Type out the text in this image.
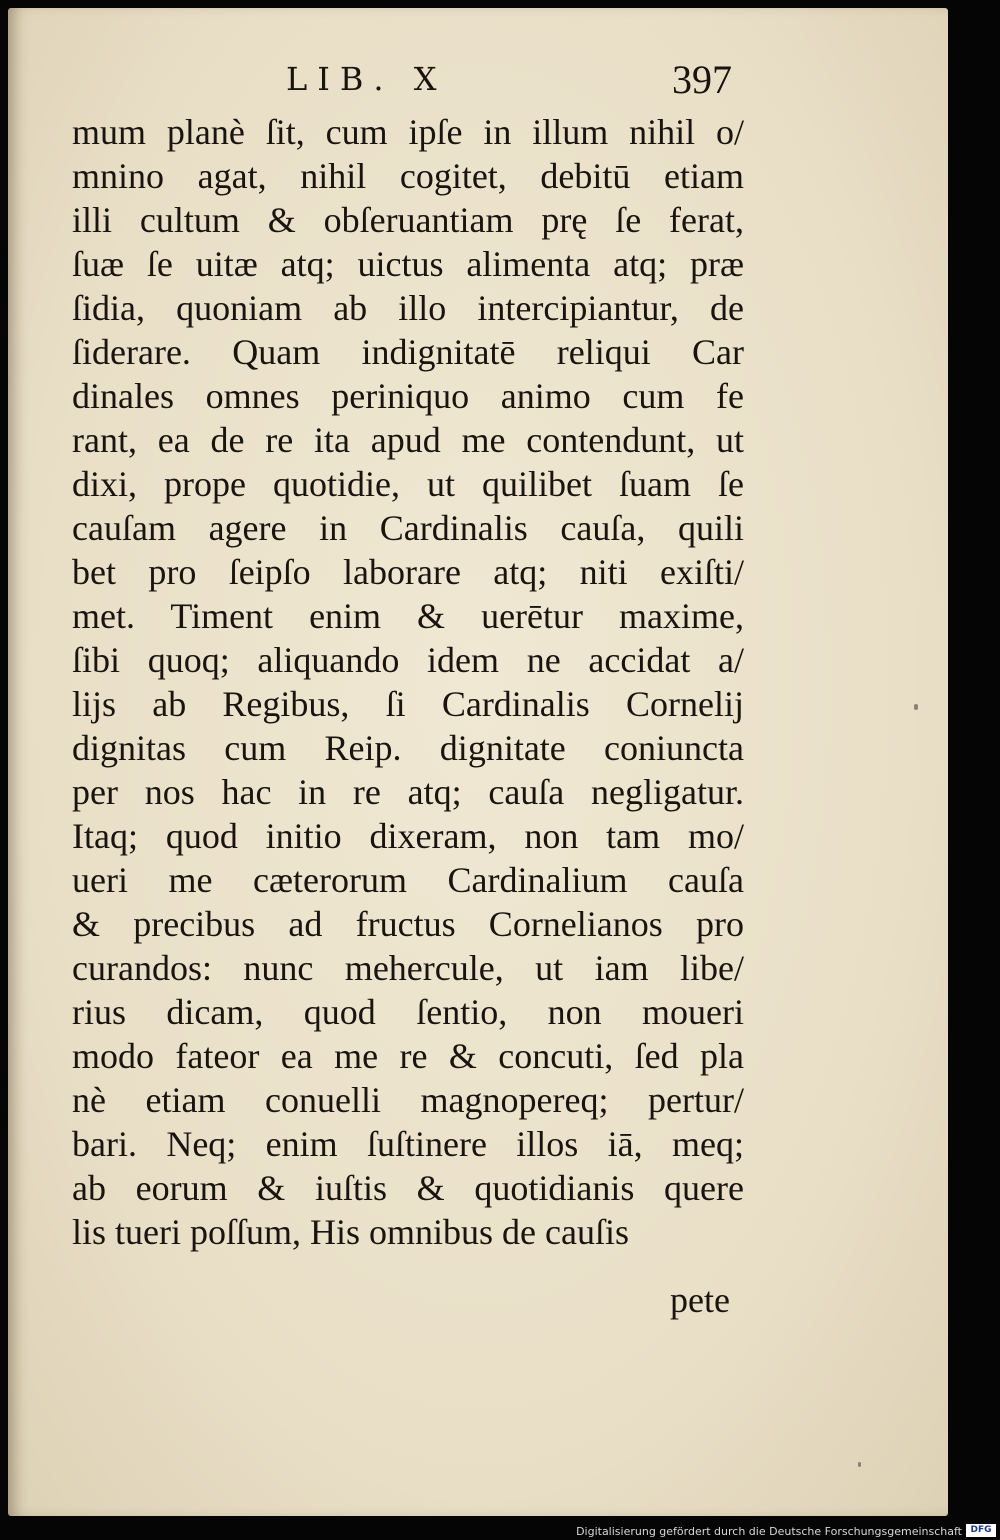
LIB. X	397
mum planè ſit, cum ipſe in illum nihil o/
mnino agat, nihil cogitet, debitū etiam
illi cultum & obſeruantiam prę ſe ferat,
ſuæ ſe uitæ atq; uictus alimenta atq; præ
ſidia, quoniam ab illo intercipiantur, de
ſiderare. Quam indignitatē reliqui Car
dinales omnes periniquo animo cum fe
rant, ea de re ita apud me contendunt, ut
dixi, prope quotidie, ut quilibet ſuam ſe
cauſam agere in Cardinalis cauſa, quili
bet pro ſeipſo laborare atq; niti exiſti/
met. Timent enim & uerētur maxime,
ſibi quoq; aliquando idem ne accidat a/
lijs ab Regibus, ſi Cardinalis Cornelij
dignitas cum Reip. dignitate coniuncta
per nos hac in re atq; cauſa negligatur.
Itaq; quod initio dixeram, non tam mo/
ueri me cæterorum Cardinalium cauſa
& precibus ad fructus Cornelianos pro
curandos: nunc mehercule, ut iam libe/
rius dicam, quod ſentio, non moueri
modo fateor ea me re & concuti, ſed pla
nè etiam conuelli magnopereq; pertur/
bari. Neq; enim ſuſtinere illos iā, meq;
ab eorum & iuſtis & quotidianis quere
lis tueri poſſum, His omnibus de cauſis
pete
Digitalisierung gefördert durch die Deutsche Forschungsgemeinschaft DFG
